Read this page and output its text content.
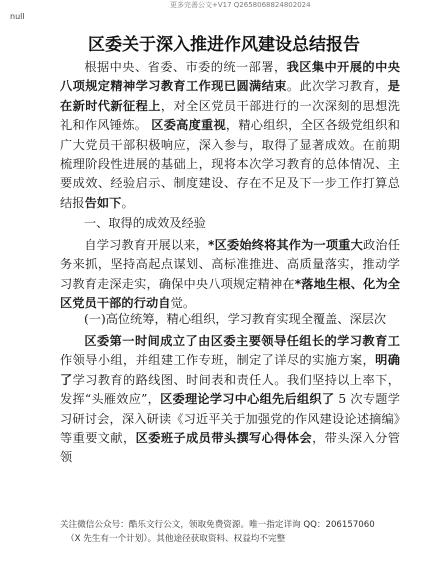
更多完善公文+V17 Q2658068824802024
null
区委关于深入推进作风建设总结报告
根据中央、省委、市委的统一部署，我区集中开展的中央八项规定精神学习教育工作现已圆满结束。此次学习教育，是在新时代新征程上，对全区党员干部进行的一次深刻的思想洗礼和作风锤炼。 区委高度重视，精心组织，全区各级党组织和广大党员干部积极响应，深入参与，取得了显著成效。在前期梳理阶段性进展的基础上，现将本次学习教育的总体情况、主要成效、经验启示、制度建设、存在不足及下一步工作打算总结报告如下。
一、取得的成效及经验
自学习教育开展以来，*区委始终将其作为一项重大政治任务来抓，坚持高起点谋划、高标准推进、高质量落实，推动学习教育走深走实，确保中央八项规定精神在*落地生根、化为全区党员干部的行动自觉。
(一)高位统筹，精心组织，学习教育实现全覆盖、深层次
区委第一时间成立了由区委主要领导任组长的学习教育工作领导小组，并组建工作专班，制定了详尽的实施方案，明确了学习教育的路线图、时间表和责任人。我们坚持以上率下，发挥“头雁效应”，区委理论学习中心组先后组织了 5 次专题学习研讨会，深入研读《习近平关于加强党的作风建设论述摘编》等重要文献，区委班子成员带头撰写心得体会，带头深入分管领
关注微信公众号：酷乐文行公文，领取免费资源。唯一指定详询 QQ：206157060
（X 先生有一个计划）。其他途径获取资料、权益均不完整
